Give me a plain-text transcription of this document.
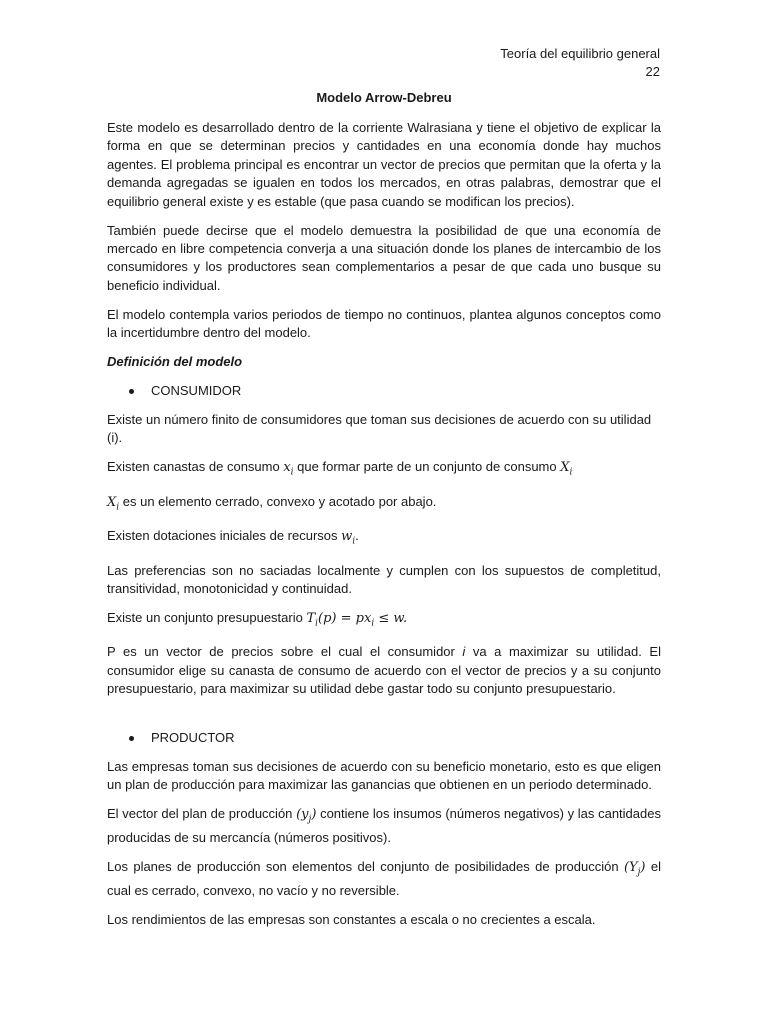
Teoría del equilibrio general
22
Modelo Arrow-Debreu

Este modelo es desarrollado dentro de la corriente Walrasiana y tiene el objetivo de explicar la forma en que se determinan precios y cantidades en una economía donde hay muchos agentes. El problema principal es encontrar un vector de precios que permitan que la oferta y la demanda agregadas se igualen en todos los mercados, en otras palabras, demostrar que el equilibrio general existe y es estable (que pasa cuando se modifican los precios).

También puede decirse que el modelo demuestra la posibilidad de que una economía de mercado en libre competencia converja a una situación donde los planes de intercambio de los consumidores y los productores sean complementarios a pesar de que cada uno busque su beneficio individual.

El modelo contempla varios periodos de tiempo no continuos, plantea algunos conceptos como la incertidumbre dentro del modelo.

Definición del modelo

CONSUMIDOR

Existe un número finito de consumidores que toman sus decisiones de acuerdo con su utilidad (i).

Existen canastas de consumo $x_i$ que formar parte de un conjunto de consumo $X_i$

$X_i$ es un elemento cerrado, convexo y acotado por abajo.

Existen dotaciones iniciales de recursos $w_i$.

Las preferencias son no saciadas localmente y cumplen con los supuestos de completitud, transitividad, monotonicidad y continuidad.

Existe un conjunto presupuestario $T_i(p) = px_i \le w$.

P es un vector de precios sobre el cual el consumidor i va a maximizar su utilidad. El consumidor elige su canasta de consumo de acuerdo con el vector de precios y a su conjunto presupuestario, para maximizar su utilidad debe gastar todo su conjunto presupuestario.

PRODUCTOR

Las empresas toman sus decisiones de acuerdo con su beneficio monetario, esto es que eligen un plan de producción para maximizar las ganancias que obtienen en un periodo determinado.

El vector del plan de producción $(y_j)$ contiene los insumos (números negativos) y las cantidades producidas de su mercancía (números positivos).

Los planes de producción son elementos del conjunto de posibilidades de producción $(Y_j)$ el cual es cerrado, convexo, no vacío y no reversible.

Los rendimientos de las empresas son constantes a escala o no crecientes a escala.
